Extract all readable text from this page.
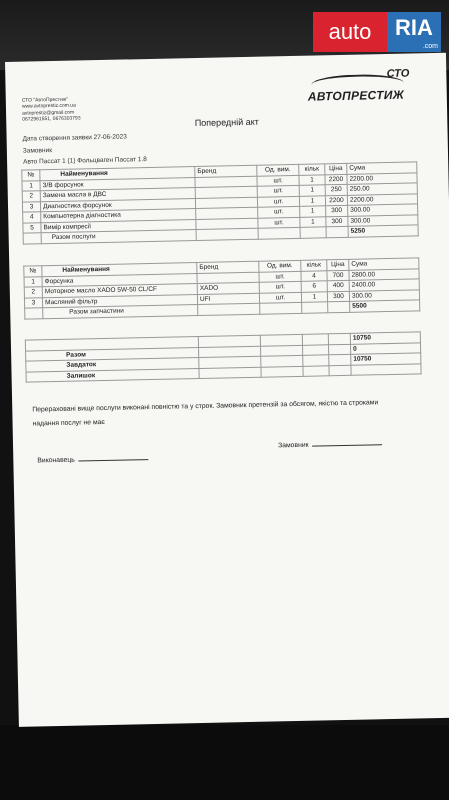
auto	RIA
.com
СТО "АвтоПрестиж"
www.avtoprestiz.com.ua
avtoprestiz@gmail.com
0672961551, 0676303793
СТО
АВТОПРЕСТИЖ
Попередній акт
Дата створення заявки 27-06-2023
Замовник
Авто Пассат 1 (1) Фольцваген Пассат 1.8
№	Найменування	Бренд	Од. вим.	кільк	Ціна	Сума
1	З/В форсунок		шт.	1	2200	2200.00
2	Замена масла в ДВС		шт.	1	250	250.00
3	Диагностика форсунок		шт.	1	2200	2200.00
4	Компьютерна діагностика		шт.	1	300	300.00
5	Вимір компресії		шт.	1	300	300.00
	Разом послуги					5250
№	Найменування	Бренд	Од. вим.	кільк	Ціна	Сума
1	Форсунка		шт.	4	700	2800.00
2	Моторное масло XADO 5W-50 CL/CF	XADO	шт.	6	400	2400.00
3	Масляний фільтр	UFI	шт.	1	300	300.00
	Разом запчастини					5500
					10750
Разом					0
Завдаток					10750
Залишок					
Перераховані вище послуги виконані повністю та у строк. Замовник претензій за обсягом, якістю та строками
надання послуг не має
Замовник
Виконавець
